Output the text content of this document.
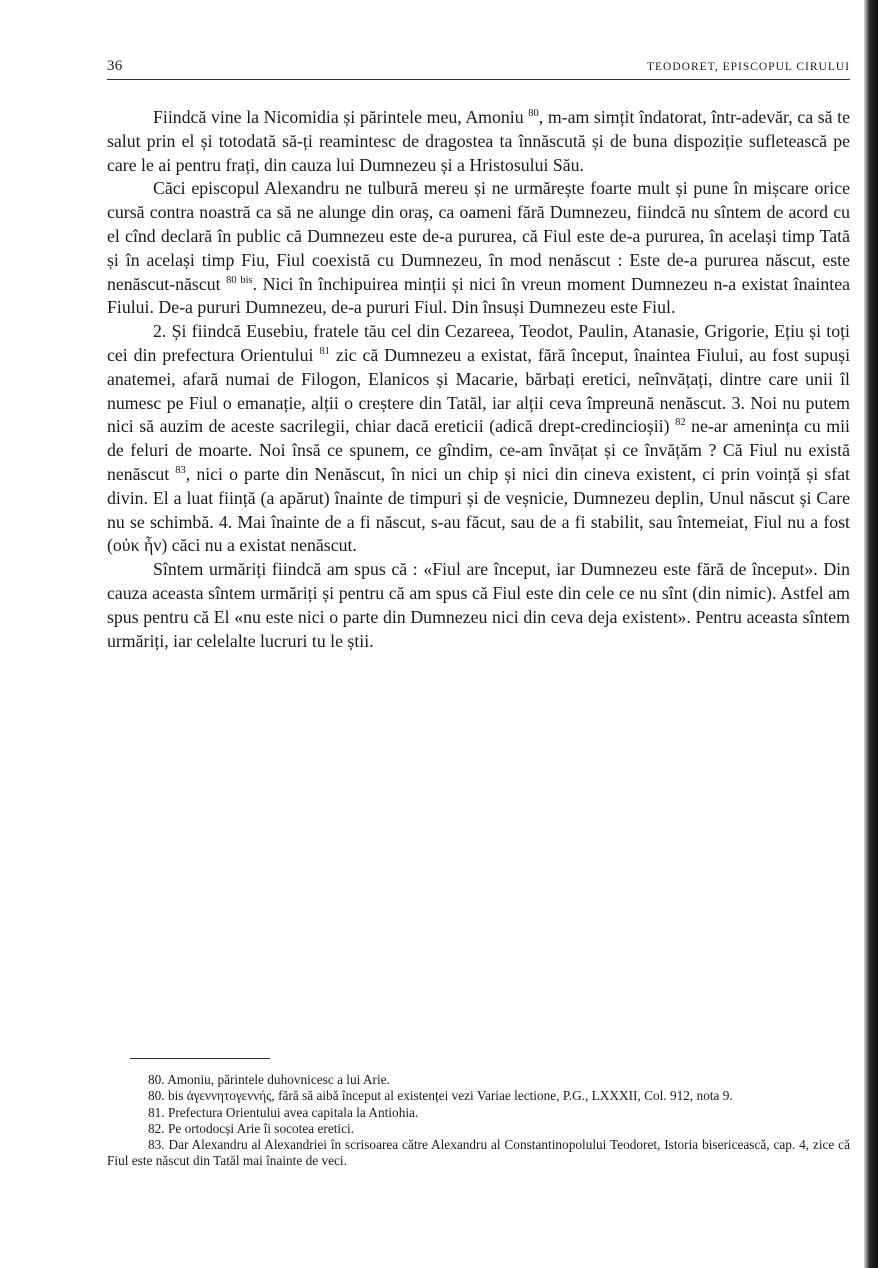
36	TEODORET, EPISCOPUL CIRULUI

Fiindcă vine la Nicomidia și părintele meu, Amoniu $^{80}$, m-am simțit îndatorat, într-adevăr, ca să te salut prin el și totodată să-ți reamintesc de dragostea ta înnăscută și de buna dispoziție sufletească pe care le ai pentru frați, din cauza lui Dumnezeu și a Hristosului Său.

Căci episcopul Alexandru ne tulbură mereu și ne urmărește foarte mult și pune în mișcare orice cursă contra noastră ca să ne alunge din oraș, ca oameni fără Dumnezeu, fiindcă nu sîntem de acord cu el cînd declară în public că Dumnezeu este de-a pururea, că Fiul este de-a pururea, în același timp Tată și în același timp Fiu, Fiul coexistă cu Dumnezeu, în mod nenăscut : Este de-a pururea născut, este nenăscut-născut $^{80 bis}$. Nici în închipuirea minții și nici în vreun moment Dumnezeu n-a existat înaintea Fiului. De-a pururi Dumnezeu, de-a pururi Fiul. Din însuși Dumnezeu este Fiul.

2. Și fiindcă Eusebiu, fratele tău cel din Cezareea, Teodot, Paulin, Atanasie, Grigorie, Ețiu și toți cei din prefectura Orientului $^{81}$ zic că Dumnezeu a existat, fără început, înaintea Fiului, au fost supuși anatemei, afară numai de Filogon, Elanicos și Macarie, bărbați eretici, neînvățați, dintre care unii îl numesc pe Fiul o emanație, alții o creștere din Tatăl, iar alții ceva împreună nenăscut. 3. Noi nu putem nici să auzim de aceste sacrilegii, chiar dacă ereticii (adică drept-credincioșii) $^{82}$ ne-ar amenința cu mii de feluri de moarte. Noi însă ce spunem, ce gîndim, ce-am învățat și ce învățăm ? Că Fiul nu există nenăscut $^{83}$, nici o parte din Nenăscut, în nici un chip și nici din cineva existent, ci prin voință și sfat divin. El a luat ființă (a apărut) înainte de timpuri și de veșnicie, Dumnezeu deplin, Unul născut și Care nu se schimbă. 4. Mai înainte de a fi născut, s-au făcut, sau de a fi stabilit, sau întemeiat, Fiul nu a fost (οὐκ ἦν) căci nu a existat nenăscut.

Sîntem urmăriți fiindcă am spus că : «Fiul are început, iar Dumnezeu este fără de început». Din cauza aceasta sîntem urmăriți și pentru că am spus că Fiul este din cele ce nu sînt (din nimic). Astfel am spus pentru că El «nu este nici o parte din Dumnezeu nici din ceva deja existent». Pentru aceasta sîntem urmăriți, iar celelalte lucruri tu le știi.

80. Amoniu, părintele duhovnicesc a lui Arie.

80. bis ἀγεννητογεννής, fără să aibă început al existenței vezi Variae lectione, P.G., LXXXII, Col. 912, nota 9.

81. Prefectura Orientului avea capitala la Antiohia.

82. Pe ortodocși Arie îi socotea eretici.

83. Dar Alexandru al Alexandriei în scrisoarea către Alexandru al Constantinopolului Teodoret, Istoria bisericească, cap. 4, zice că Fiul este născut din Tatăl mai înainte de veci.
